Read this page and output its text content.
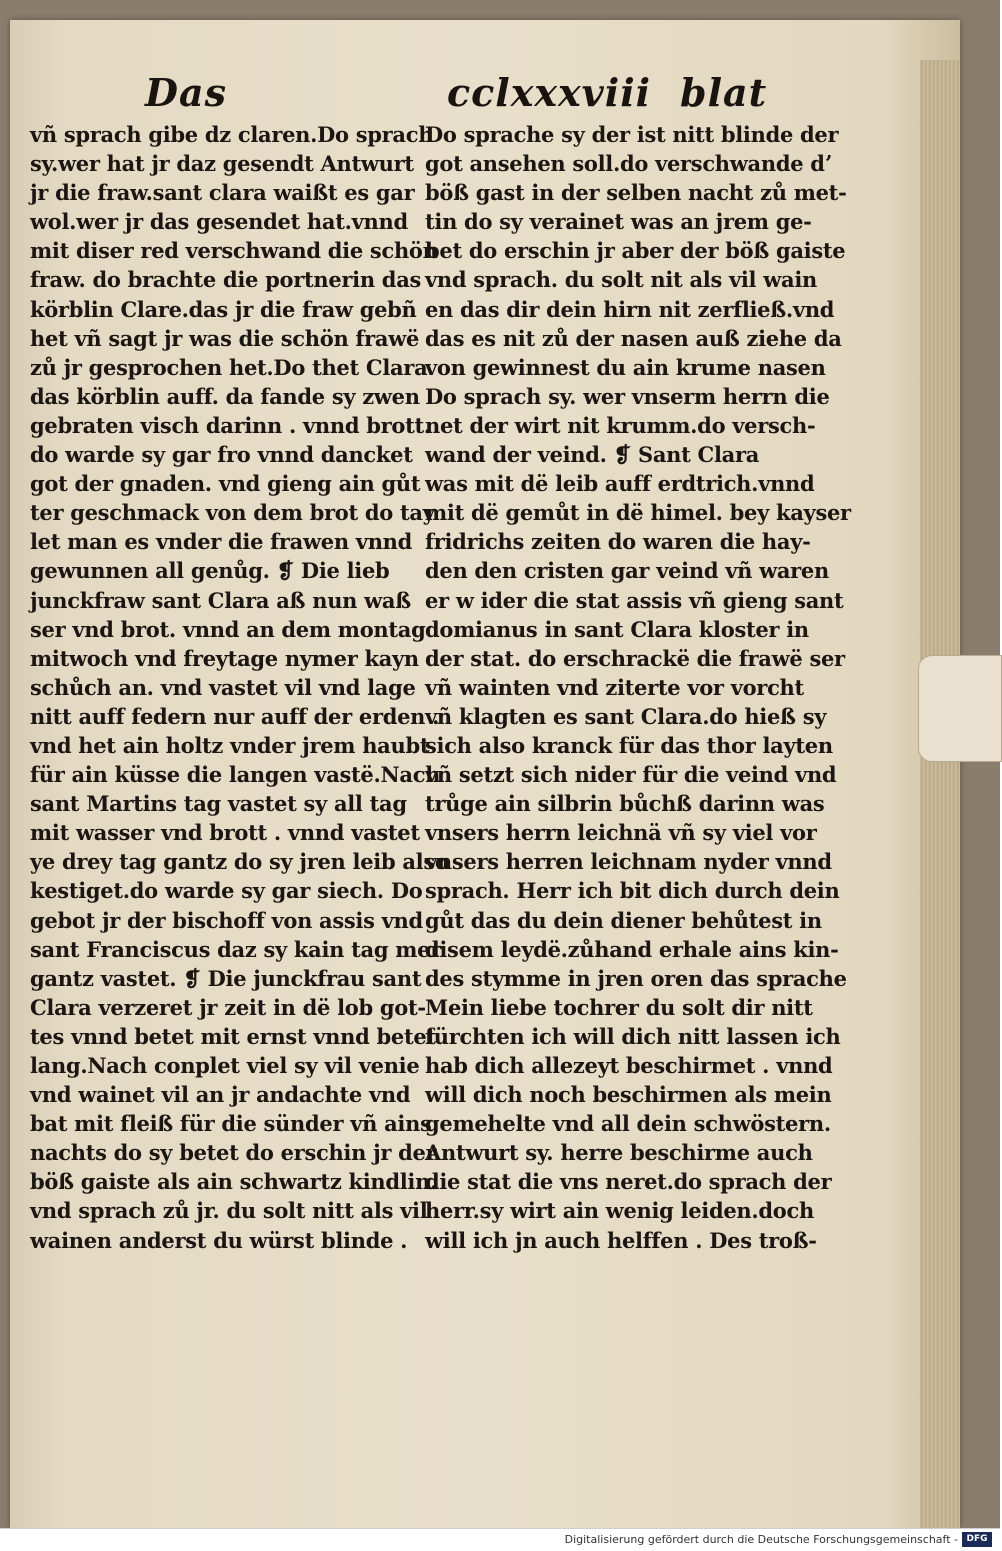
Das	cclxxxviii blat
vñ sprach gibe dz claren.Do sprach
sy.wer hat jr daz gesendt Antwurt
jr die fraw.sant clara waißt es gar
wol.wer jr das gesendet hat.vnnd
mit diser red verschwand die schön
fraw. do brachte die portnerin das
körblin Clare.das jr die fraw gebñ
het vñ sagt jr was die schön frawë
zů jr gesprochen het.Do thet Clara
das körblin auff. da fande sy zwen
gebraten visch darinn . vnnd brott.
do warde sy gar fro vnnd dancket
got der gnaden. vnd gieng ain gůt
ter geschmack von dem brot do tay
let man es vnder die frawen vnnd
gewunnen all genůg. ❡ Die lieb
junckfraw sant Clara aß nun waß
ser vnd brot. vnnd an dem montag
mitwoch vnd freytage nymer kayn
schůch an. vnd vastet vil vnd lage
nitt auff federn nur auff der erden .
vnd het ain holtz vnder jrem haubt
für ain küsse die langen vastë.Nach
sant Martins tag vastet sy all tag
mit wasser vnd brott . vnnd vastet
ye drey tag gantz do sy jren leib also
kestiget.do warde sy gar siech. Do
gebot jr der bischoff von assis vnd
sant Franciscus daz sy kain tag mer
gantz vastet. ❡ Die junckfrau sant
Clara verzeret jr zeit in dë lob got-
tes vnnd betet mit ernst vnnd betet
lang.Nach conplet viel sy vil venie
vnd wainet vil an jr andachte vnd
bat mit fleiß für die sünder vñ ains
nachts do sy betet do erschin jr der
böß gaiste als ain schwartz kindlin.
vnd sprach zů jr. du solt nitt als vil
wainen anderst du würst blinde .
Do sprache sy der ist nitt blinde der
got ansehen soll.do verschwande dʼ
böß gast in der selben nacht zů met-
tin do sy verainet was an jrem ge-
bet do erschin jr aber der böß gaiste
vnd sprach. du solt nit als vil wain
en das dir dein hirn nit zerfließ.vnd
das es nit zů der nasen auß ziehe da
von gewinnest du ain krume nasen
Do sprach sy. wer vnserm herrn die
net der wirt nit krumm.do versch-
wand der veind. ❡ Sant Clara
was mit dë leib auff erdtrich.vnnd
mit dë gemůt in dë himel. bey kayser
fridrichs zeiten do waren die hay-
den den cristen gar veind vñ waren
er w ider die stat assis vñ gieng sant
domianus in sant Clara kloster in
der stat. do erschrackë die frawë ser
vñ wainten vnd ziterte vor vorcht
vñ klagten es sant Clara.do hieß sy
sich also kranck für das thor layten
vñ setzt sich nider für die veind vnd
trůge ain silbrin bůchß darinn was
vnsers herrn leichnä vñ sy viel vor
vnsers herren leichnam nyder vnnd
sprach. Herr ich bit dich durch dein
gůt das du dein diener behůtest in
disem leydë.zůhand erhale ains kin-
des stymme in jren oren das sprache
Mein liebe tochrer du solt dir nitt
fürchten ich will dich nitt lassen ich
hab dich allezeyt beschirmet . vnnd
will dich noch beschirmen als mein
gemehelte vnd all dein schwöstern.
Antwurt sy. herre beschirme auch
die stat die vns neret.do sprach der
herr.sy wirt ain wenig leiden.doch
will ich jn auch helffen . Des troß-
Digitalisierung gefördert durch die Deutsche Forschungsgemeinschaft - DFG
